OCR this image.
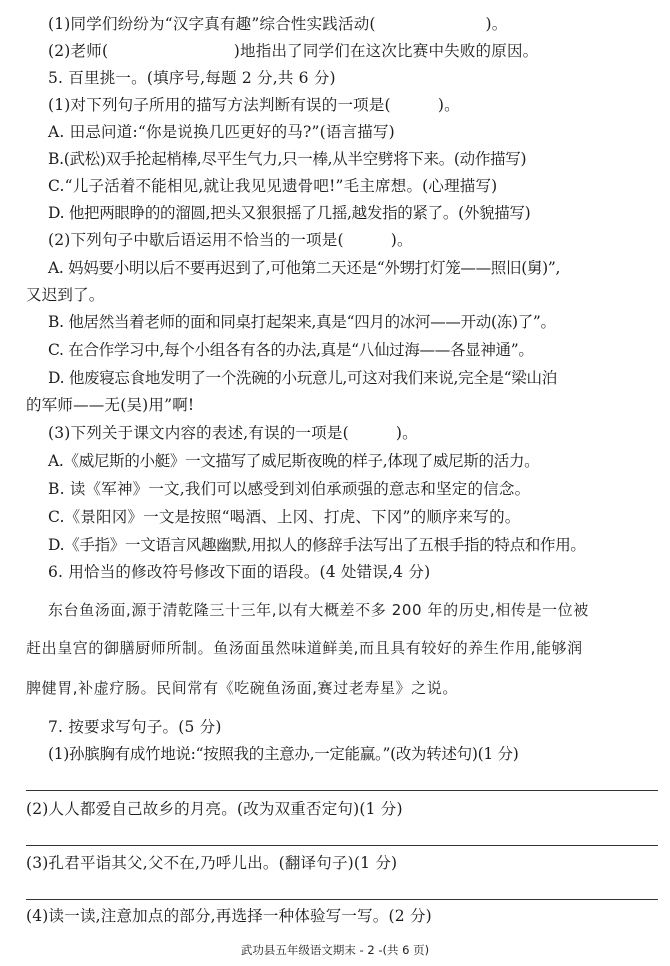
(1)同学们纷纷为“汉字真有趣”综合性实践活动(　　　　　　　)。
(2)老师(　　　　　　　　)地指出了同学们在这次比赛中失败的原因。
5. 百里挑一。(填序号,每题 2 分,共 6 分)
(1)对下列句子所用的描写方法判断有误的一项是(　　　)。
A. 田忌问道:“你是说换几匹更好的马?”(语言描写)
B.(武松)双手抡起梢棒,尽平生气力,只一棒,从半空劈将下来。(动作描写)
C.“儿子活着不能相见,就让我见见遗骨吧!”毛主席想。(心理描写)
D. 他把两眼睁的的溜圆,把头又狠狠摇了几摇,越发指的紧了。(外貌描写)
(2)下列句子中歇后语运用不恰当的一项是(　　　)。
A. 妈妈要小明以后不要再迟到了,可他第二天还是“外甥打灯笼——照旧(舅)”,
又迟到了。
B. 他居然当着老师的面和同桌打起架来,真是“四月的冰河——开动(冻)了”。
C. 在合作学习中,每个小组各有各的办法,真是“八仙过海——各显神通”。
D. 他废寝忘食地发明了一个洗碗的小玩意儿,可这对我们来说,完全是“梁山泊
的军师——无(吴)用”啊!
(3)下列关于课文内容的表述,有误的一项是(　　　)。
A.《威尼斯的小艇》一文描写了威尼斯夜晚的样子,体现了威尼斯的活力。
B. 读《军神》一文,我们可以感受到刘伯承顽强的意志和坚定的信念。
C.《景阳冈》一文是按照“喝酒、上冈、打虎、下冈”的顺序来写的。
D.《手指》一文语言风趣幽默,用拟人的修辞手法写出了五根手指的特点和作用。
6. 用恰当的修改符号修改下面的语段。(4 处错误,4 分)
东台鱼汤面,源于清乾隆三十三年,以有大概差不多 200 年的历史,相传是一位被
赶出皇宫的御膳厨师所制。鱼汤面虽然味道鲜美,而且具有较好的养生作用,能够润
脾健胃,补虚疗肠。民间常有《吃碗鱼汤面,赛过老寿星》之说。
7. 按要求写句子。(5 分)
(1)孙膑胸有成竹地说:“按照我的主意办,一定能赢。”(改为转述句)(1 分)
(2)人人都爱自己故乡的月亮。(改为双重否定句)(1 分)
(3)孔君平诣其父,父不在,乃呼儿出。(翻译句子)(1 分)
(4)读一读,注意加点的部分,再选择一种体验写一写。(2 分)
武功县五年级语文期末 - 2 -(共 6 页)
